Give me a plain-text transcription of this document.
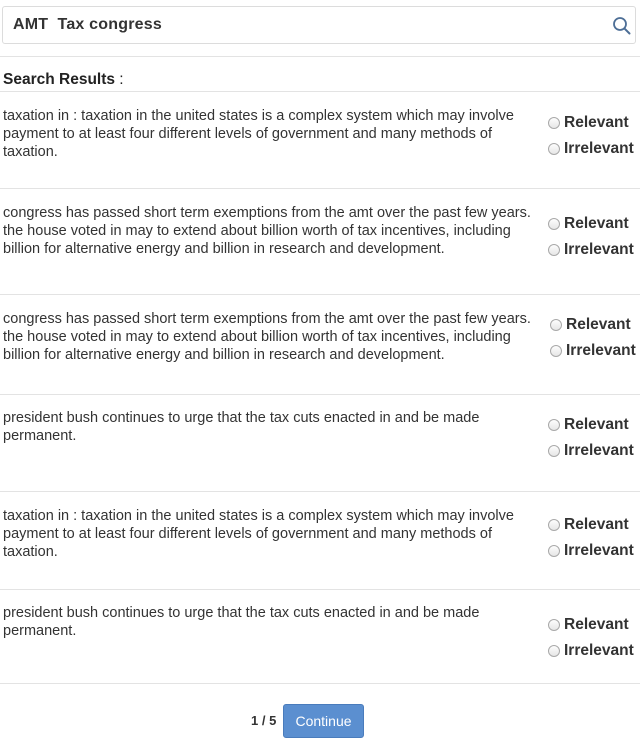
AMT Tax congress
Search Results :
taxation in : taxation in the united states is a complex system which may involve payment to at least four different levels of government and many methods of taxation.
Relevant
Irrelevant
congress has passed short term exemptions from the amt over the past few years. the house voted in may to extend about billion worth of tax incentives, including billion for alternative energy and billion in research and development.
Relevant
Irrelevant
congress has passed short term exemptions from the amt over the past few years. the house voted in may to extend about billion worth of tax incentives, including billion for alternative energy and billion in research and development.
Relevant
Irrelevant
president bush continues to urge that the tax cuts enacted in and be made permanent.
Relevant
Irrelevant
taxation in : taxation in the united states is a complex system which may involve payment to at least four different levels of government and many methods of taxation.
Relevant
Irrelevant
president bush continues to urge that the tax cuts enacted in and be made permanent.	Relevant
Irrelevant
1 / 5	Continue
